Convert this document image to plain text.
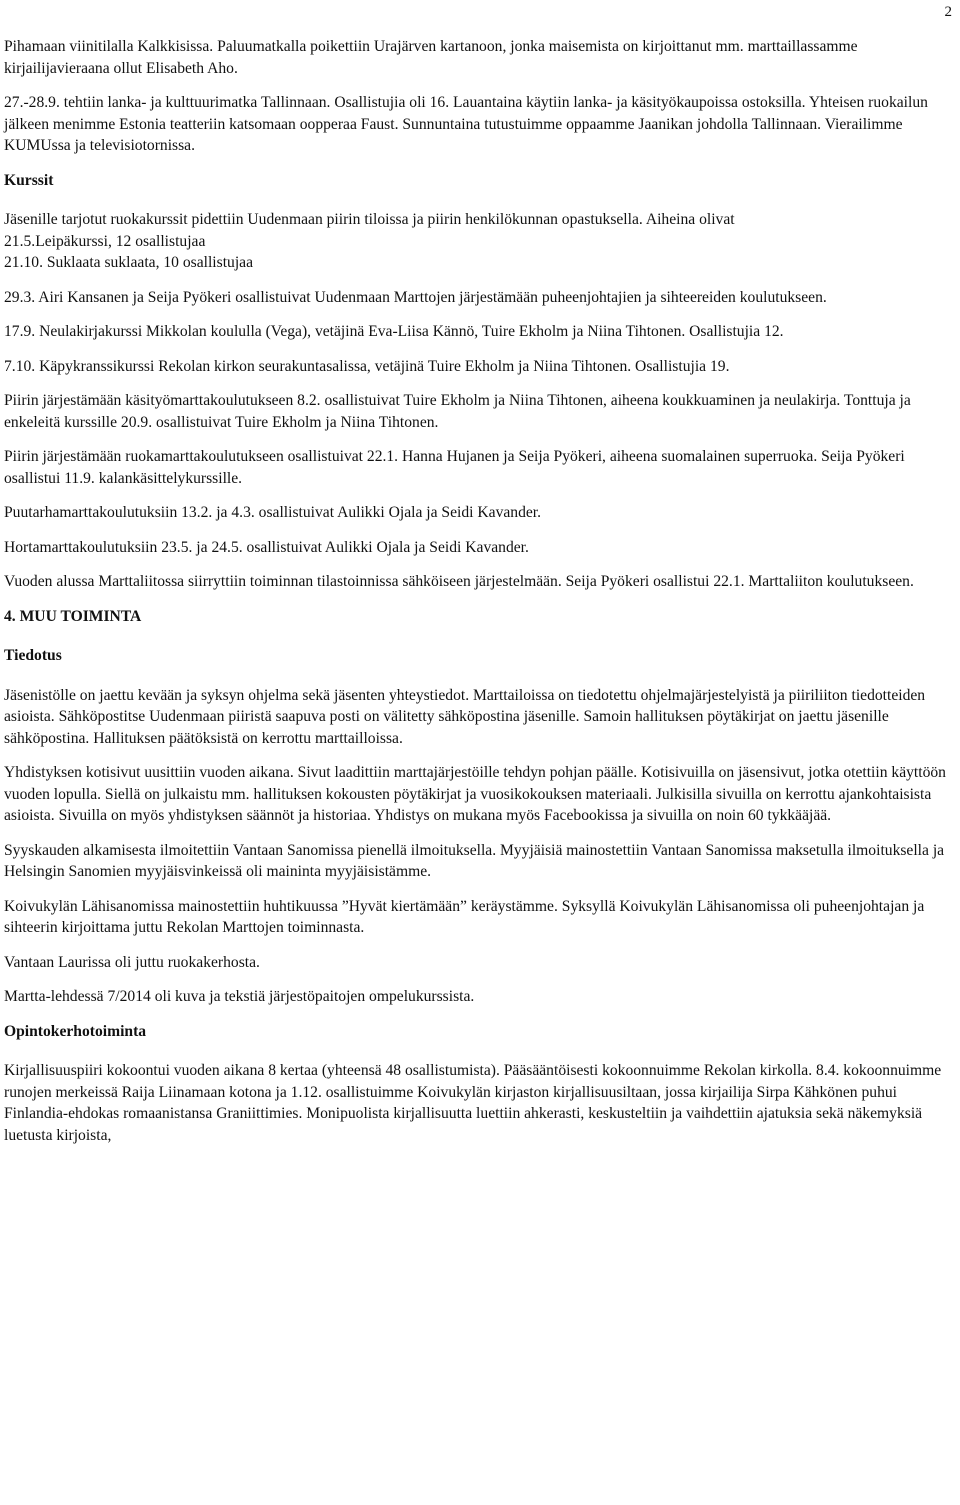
2

Pihamaan viinitilalla Kalkkisissa. Paluumatkalla poikettiin Urajärven kartanoon, jonka maisemista on kirjoittanut mm. marttaillassamme kirjailijavieraana ollut Elisabeth Aho.

27.-28.9. tehtiin lanka- ja kulttuurimatka Tallinnaan. Osallistujia oli 16. Lauantaina käytiin lanka- ja käsityökaupoissa ostoksilla. Yhteisen ruokailun jälkeen menimme Estonia teatteriin katsomaan oopperaa Faust. Sunnuntaina tutustuimme oppaamme Jaanikan johdolla Tallinnaan. Vierailimme KUMUssa ja televisiotornissa.

Kurssit

Jäsenille tarjotut ruokakurssit pidettiin Uudenmaan piirin tiloissa ja piirin henkilökunnan opastuksella. Aiheina olivat
21.5.Leipäkurssi, 12 osallistujaa
21.10. Suklaata suklaata, 10 osallistujaa

29.3. Airi Kansanen ja Seija Pyökeri osallistuivat Uudenmaan Marttojen järjestämään puheenjohtajien ja sihteereiden koulutukseen.

17.9. Neulakirjakurssi Mikkolan koululla (Vega), vetäjinä Eva-Liisa Kännö, Tuire Ekholm ja Niina Tihtonen. Osallistujia 12.

7.10. Käpykranssikurssi Rekolan kirkon seurakuntasalissa, vetäjinä Tuire Ekholm ja Niina Tihtonen. Osallistujia 19.

Piirin järjestämään käsityömarttakoulutukseen 8.2. osallistuivat Tuire Ekholm ja Niina Tihtonen, aiheena koukkuaminen ja neulakirja. Tonttuja ja enkeleitä kurssille 20.9. osallistuivat Tuire Ekholm ja Niina Tihtonen.

Piirin järjestämään ruokamarttakoulutukseen osallistuivat 22.1. Hanna Hujanen ja Seija Pyökeri, aiheena suomalainen superruoka. Seija Pyökeri osallistui 11.9. kalankäsittelykurssille.

Puutarhamarttakoulutuksiin 13.2. ja 4.3. osallistuivat Aulikki Ojala ja Seidi Kavander.

Hortamarttakoulutuksiin 23.5. ja 24.5. osallistuivat Aulikki Ojala ja Seidi Kavander.

Vuoden alussa Marttaliitossa siirryttiin toiminnan tilastoinnissa sähköiseen järjestelmään. Seija Pyökeri osallistui 22.1. Marttaliiton koulutukseen.

4. MUU TOIMINTA
Tiedotus

Jäsenistölle on jaettu kevään ja syksyn ohjelma sekä jäsenten yhteystiedot. Marttailoissa on tiedotettu ohjelmajärjestelyistä ja piiriliiton tiedotteiden asioista. Sähköpostitse Uudenmaan piiristä saapuva posti on välitetty sähköpostina jäsenille. Samoin hallituksen pöytäkirjat on jaettu jäsenille sähköpostina. Hallituksen päätöksistä on kerrottu marttailloissa.

Yhdistyksen kotisivut uusittiin vuoden aikana. Sivut laadittiin marttajärjestöille tehdyn pohjan päälle. Kotisivuilla on jäsensivut, jotka otettiin käyttöön vuoden lopulla. Siellä on julkaistu mm. hallituksen kokousten pöytäkirjat ja vuosikokouksen materiaali. Julkisilla sivuilla on kerrottu ajankohtaisista asioista. Sivuilla on myös yhdistyksen säännöt ja historiaa. Yhdistys on mukana myös Facebookissa ja sivuilla on noin 60 tykkääjää.

Syyskauden alkamisesta ilmoitettiin Vantaan Sanomissa pienellä ilmoituksella. Myyjäisiä mainostettiin Vantaan Sanomissa maksetulla ilmoituksella ja Helsingin Sanomien myyjäisvinkeissä oli maininta myyjäisistämme.

Koivukylän Lähisanomissa mainostettiin huhtikuussa ”Hyvät kiertämään” keräystämme. Syksyllä Koivukylän Lähisanomissa oli puheenjohtajan ja sihteerin kirjoittama juttu Rekolan Marttojen toiminnasta.

Vantaan Laurissa oli juttu ruokakerhosta.

Martta-lehdessä 7/2014 oli kuva ja tekstiä järjestöpaitojen ompelukurssista.

Opintokerhotoiminta

Kirjallisuuspiiri kokoontui vuoden aikana 8 kertaa (yhteensä 48 osallistumista). Pääsääntöisesti kokoonnuimme Rekolan kirkolla. 8.4. kokoonnuimme runojen merkeissä Raija Liinamaan kotona ja 1.12. osallistuimme Koivukylän kirjaston kirjallisuusiltaan, jossa kirjailija Sirpa Kähkönen puhui Finlandia-ehdokas romaanistansa Graniittimies. Monipuolista kirjallisuutta luettiin ahkerasti, keskusteltiin ja vaihdettiin ajatuksia sekä näkemyksiä luetusta kirjoista,
